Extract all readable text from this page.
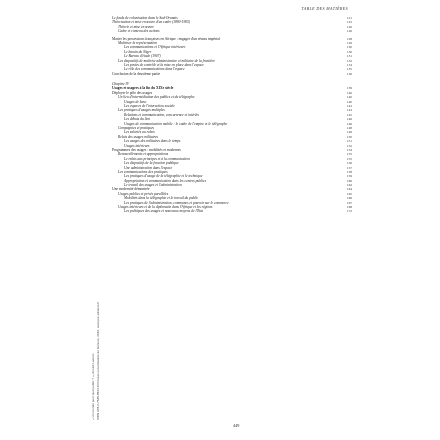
TABLE DES MATIÈRES
Le fonds de colonisation dans le Sud-Oranais	121
Théorisation et mise en œuvre d'un cadre (1890-1905)	125
Théorie et mise en œuvre	126
Cadre et contenu des actions	126
Marier les possessions françaises en Afrique : engager d'un réseau impérial	128
Maîtriser la représentation	129
Les communications et l'Afrique intérieure	130
Le bassin du Niger	130
Le Bureau d'étude (1907)	131
Les dispositifs de maîtrise administrative et militaire de la frontière	132
Les postes de contrôle et la mise en place dans l'espace	134
Le rôle des communications dans l'espace	135
Conclusion de la deuxième partie	136
Chapitre IV
Usages et usagers à la fin du XIXe siècle	139
Déployer le pôle des usages	140
Un lieu d'intermédiation des publics et du télégraphe	140
Usages de base	140
Les espaces de l'interaction sociale	142
Les pratiques d'usages multiples	143
Relations et communication, concurrence et intérêts	145
Les débuts du lien	146
Usages de communication mobile : le cadre de l'empire et le télégraphe	146
Compagnies et pratiques	148
Les salariés au relais	149
Relais des usages militaires	150
Les usages des militaires dans le temps	151
Usages intérieurs	152
Programmes des usages : mobilités et modernes	154
Renouvellements et appropriations	155
Le relais aux principes et à la communication	155
Les dispositifs de la fonction publique	156
Une administration dans l'espace	157
Les communications des pratiques	158
Les pratiques d'usage de la télégraphie et le technique	159
Appropriation et communication dans les centres publics	160
Le travail des usages et l'administration	162
Une modernité démontrée	164
Usages publics et privés parallèles	165
Mobilités dans la télégraphie et le travail du public	166
Les pratiques de l'administration, communes et pouvoir sur le commerce	167
Usages intérieurs et de la diplomatie dans l'Afrique et les régions	168
Les politiques des usages et nouveaux moyens de l'État	172
449
« Un monde pour quel public ? », Annick Lacroix ISBN 978-2-7535-8544-8 Presses universitaires de Rennes, 2022, www.pur-editions.fr
